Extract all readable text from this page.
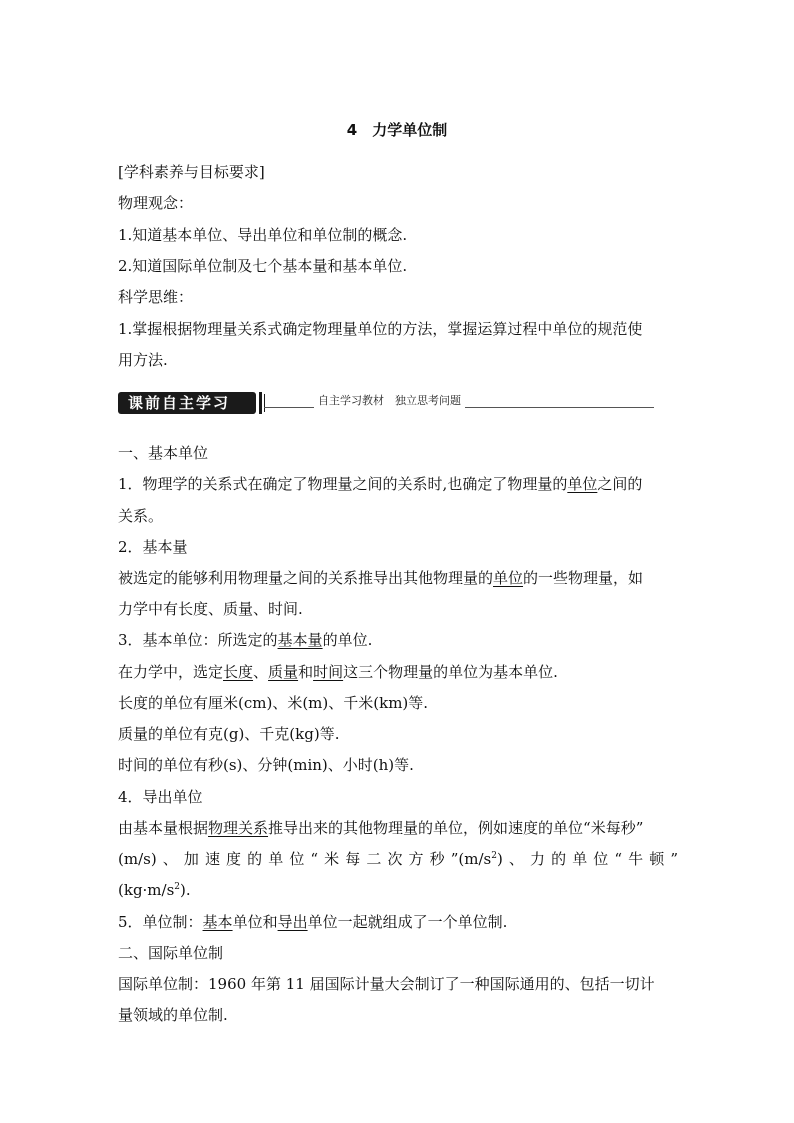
4　力学单位制
[学科素养与目标要求]
物理观念：
1.知道基本单位、导出单位和单位制的概念.
2.知道国际单位制及七个基本量和基本单位.
科学思维：
1.掌握根据物理量关系式确定物理量单位的方法，掌握运算过程中单位的规范使
用方法.
课前自主学习	自主学习教材　独立思考问题
一、基本单位
1．物理学的关系式在确定了物理量之间的关系时,也确定了物理量的单位之间的
关系。
2．基本量
被选定的能够利用物理量之间的关系推导出其他物理量的单位的一些物理量，如
力学中有长度、质量、时间.
3．基本单位：所选定的基本量的单位.
在力学中，选定长度、质量和时间这三个物理量的单位为基本单位.
长度的单位有厘米(cm)、米(m)、千米(km)等.
质量的单位有克(g)、千克(kg)等.
时间的单位有秒(s)、分钟(min)、小时(h)等.
4．导出单位
由基本量根据物理关系推导出来的其他物理量的单位，例如速度的单位“米每秒”
(m/s)、加速度的单位“米每二次方秒$”(m/s^2)$、力的单位“牛顿”
$(kg\cdot m/s^2)$.
5．单位制：基本单位和导出单位一起就组成了一个单位制.
二、国际单位制
国际单位制：1960 年第 11 届国际计量大会制订了一种国际通用的、包括一切计
量领域的单位制.
